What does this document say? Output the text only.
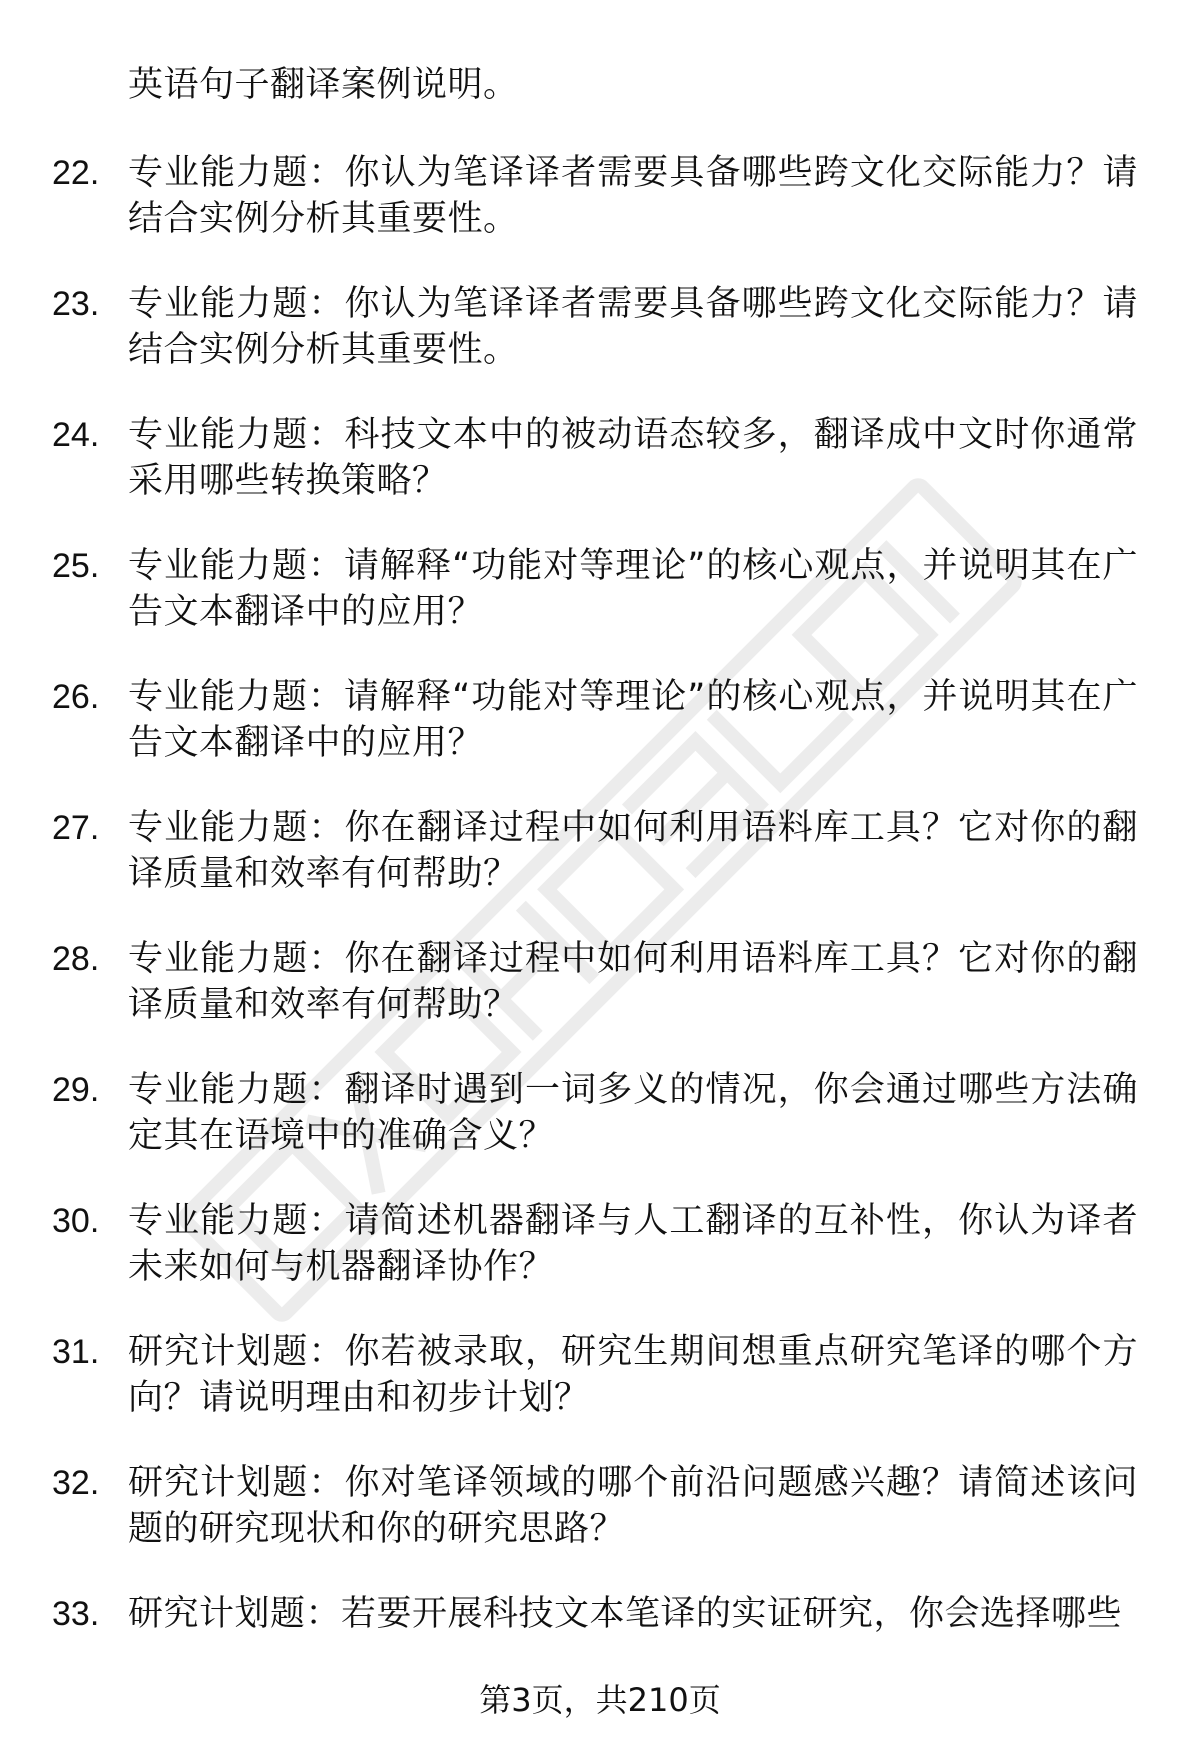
英语句子翻译案例说明。
22. 专业能力题：你认为笔译译者需要具备哪些跨文化交际能力？请结合实例分析其重要性。
23. 专业能力题：你认为笔译译者需要具备哪些跨文化交际能力？请结合实例分析其重要性。
24. 专业能力题：科技文本中的被动语态较多，翻译成中文时你通常采用哪些转换策略？
25. 专业能力题：请解释“功能对等理论”的核心观点，并说明其在广告文本翻译中的应用？
26. 专业能力题：请解释“功能对等理论”的核心观点，并说明其在广告文本翻译中的应用？
27. 专业能力题：你在翻译过程中如何利用语料库工具？它对你的翻译质量和效率有何帮助？
28. 专业能力题：你在翻译过程中如何利用语料库工具？它对你的翻译质量和效率有何帮助？
29. 专业能力题：翻译时遇到一词多义的情况，你会通过哪些方法确定其在语境中的准确含义？
30. 专业能力题：请简述机器翻译与人工翻译的互补性，你认为译者未来如何与机器翻译协作？
31. 研究计划题：你若被录取，研究生期间想重点研究笔译的哪个方向？请说明理由和初步计划？
32. 研究计划题：你对笔译领域的哪个前沿问题感兴趣？请简述该问题的研究现状和你的研究思路？
33. 研究计划题：若要开展科技文本笔译的实证研究，你会选择哪些
第3页，共210页
